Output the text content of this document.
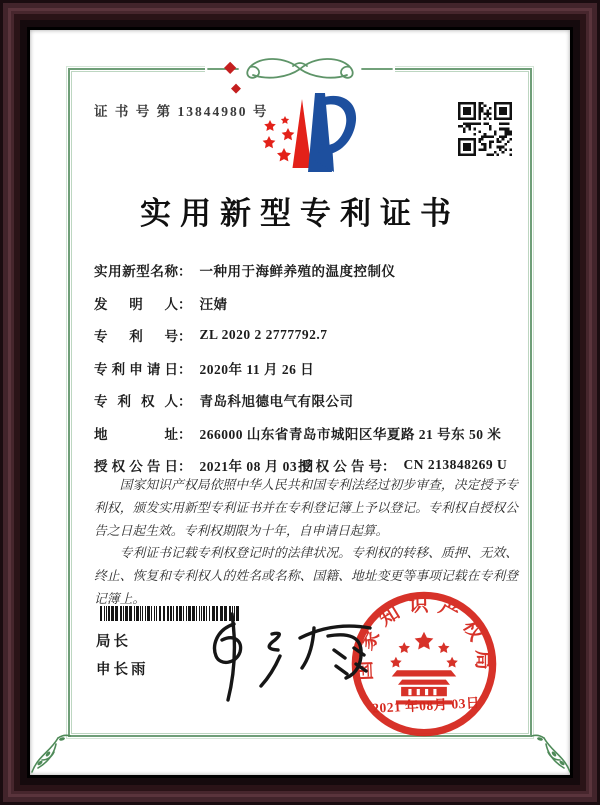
◆
◆
证 书 号 第 13844980 号
实用新型专利证书
实用新型名称 ： 一种用于海鲜养殖的温度控制仪
发明人 ： 汪婧
专利号 ： ZL 2020 2 2777792.7
专利申请日 ： 2020年 11 月 26 日
专利权人 ： 青岛科旭德电气有限公司
地址 ： 266000 山东省青岛市城阳区华夏路 21 号东 50 米
授权公告日 ： 2021年 08 月 03 日
授权公告号 ： CN 213848269 U

国家知识产权局依照中华人民共和国专利法经过初步审查，决定授予专利权，颁发实用新型专利证书并在专利登记簿上予以登记。专利权自授权公告之日起生效。专利权期限为十年，自申请日起算。

专利证书记载专利权登记时的法律状况。专利权的转移、质押、无效、终止、恢复和专利权人的姓名或名称、国籍、地址变更等事项记载在专利登记簿上。

局长
申长雨	国家知识产权局
2021 年08月 03日
